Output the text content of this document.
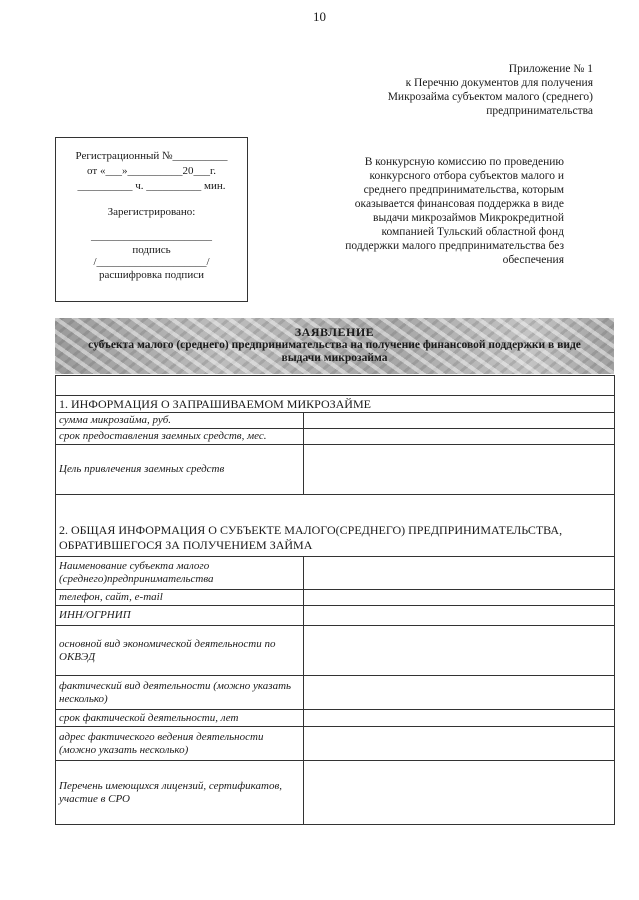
10
Приложение № 1
к Перечню документов для получения
Микрозайма субъектом малого (среднего)
предпринимательства
Регистрационный №__________
от «___»__________20___г.
__________ ч. __________ мин.
Зарегистрировано:
______________________
подпись
/____________________/
расшифровка подписи
В конкурсную комиссию по проведению
конкурсного отбора субъектов малого и
среднего предпринимательства, которым
оказывается финансовая поддержка в виде
выдачи микрозаймов Микрокредитной
компанией Тульский областной фонд
поддержки малого предпринимательства без
обеспечения
ЗАЯВЛЕНИЕ
субъекта малого (среднего) предпринимательства на получение финансовой поддержки в виде выдачи микрозайма

1. ИНФОРМАЦИЯ О ЗАПРАШИВАЕМОМ МИКРОЗАЙМЕ	
сумма микрозайма, руб.	
срок предоставления заемных средств, мес.	
Цель привлечения заемных средств	
2. ОБЩАЯ ИНФОРМАЦИЯ О СУБЪЕКТЕ МАЛОГО(СРЕДНЕГО) ПРЕДПРИНИМАТЕЛЬСТВА, ОБРАТИВШЕГОСЯ ЗА ПОЛУЧЕНИЕМ ЗАЙМА	
Наименование субъекта малого (среднего)предпринимательства	
телефон, сайт, e-mail	
ИНН/ОГРНИП	
основной вид экономической деятельности по ОКВЭД	
фактический вид деятельности (можно указать несколько)	
срок фактической деятельности, лет	
адрес фактического ведения деятельности (можно указать несколько)	
Перечень имеющихся лицензий, сертификатов, участие в СРО	
